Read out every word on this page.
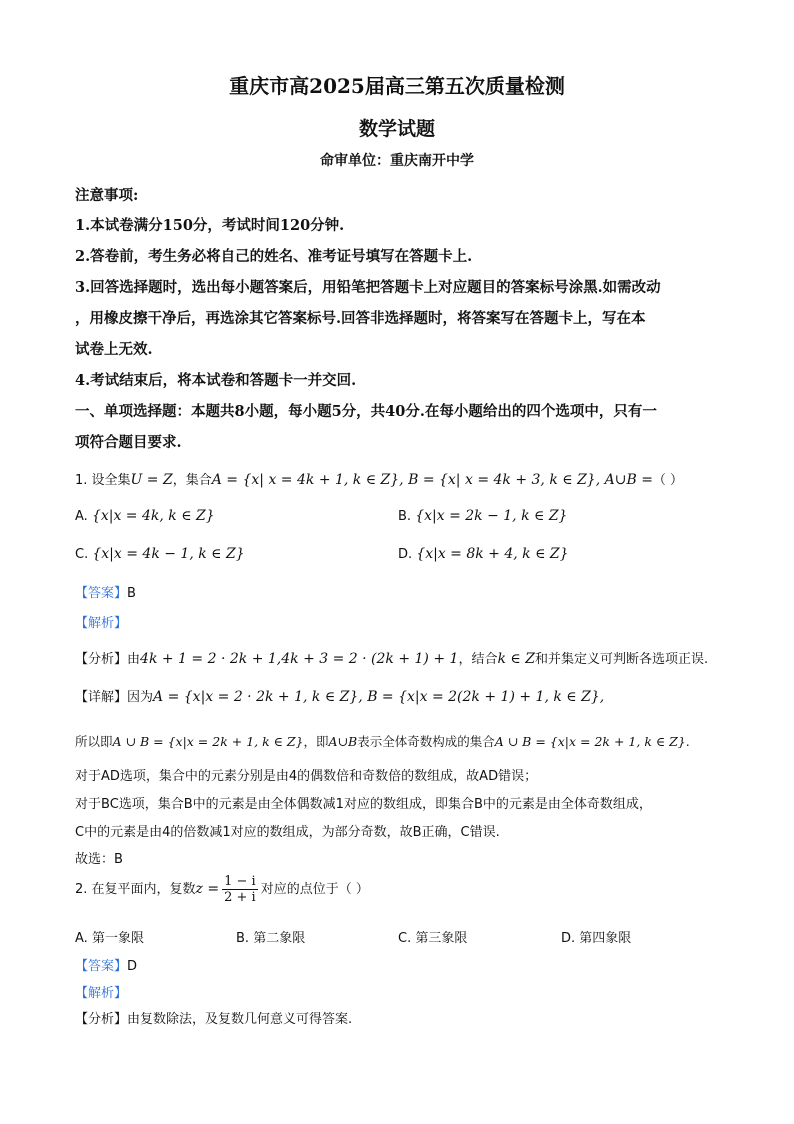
重庆市高2025届高三第五次质量检测
数学试题
命审单位：重庆南开中学
注意事项:
1.本试卷满分150分，考试时间120分钟.
2.答卷前，考生务必将自己的姓名、准考证号填写在答题卡上.
3.回答选择题时，选出每小题答案后，用铅笔把答题卡上对应题目的答案标号涂黑.如需改动
，用橡皮擦干净后，再选涂其它答案标号.回答非选择题时，将答案写在答题卡上，写在本
试卷上无效.
4.考试结束后，将本试卷和答题卡一并交回.
一、单项选择题：本题共8小题，每小题5分，共40分.在每小题给出的四个选项中，只有一
项符合题目要求.
1. 设全集U = Z，集合A = {x| x = 4k + 1, k ∈ Z}, B = {x| x = 4k + 3, k ∈ Z}, A∪B =（ ）
A. {x|x = 4k, k ∈ Z}	B. {x|x = 2k − 1, k ∈ Z}
C. {x|x = 4k − 1, k ∈ Z}	D. {x|x = 8k + 4, k ∈ Z}
【答案】B
【解析】
【分析】由4k + 1 = 2 · 2k + 1,4k + 3 = 2 · (2k + 1) + 1，结合k ∈ Z和并集定义可判断各选项正误.
【详解】因为A = {x|x = 2 · 2k + 1, k ∈ Z}, B = {x|x = 2(2k + 1) + 1, k ∈ Z},
所以即A ∪ B = {x|x = 2k + 1, k ∈ Z}，即A∪B表示全体奇数构成的集合A ∪ B = {x|x = 2k + 1, k ∈ Z}.
对于AD选项，集合中的元素分别是由4的偶数倍和奇数倍的数组成，故AD错误；
对于BC选项，集合B中的元素是由全体偶数减1对应的数组成，即集合B中的元素是由全体奇数组成，
C中的元素是由4的倍数减1对应的数组成，为部分奇数，故B正确，C错误.
故选：B
2. 在复平面内，复数$z = \frac{1 - i}{2 + i}$ 对应的点位于（ ）
A. 第一象限	B. 第二象限	C. 第三象限	D. 第四象限
【答案】D
【解析】
【分析】由复数除法，及复数几何意义可得答案.
